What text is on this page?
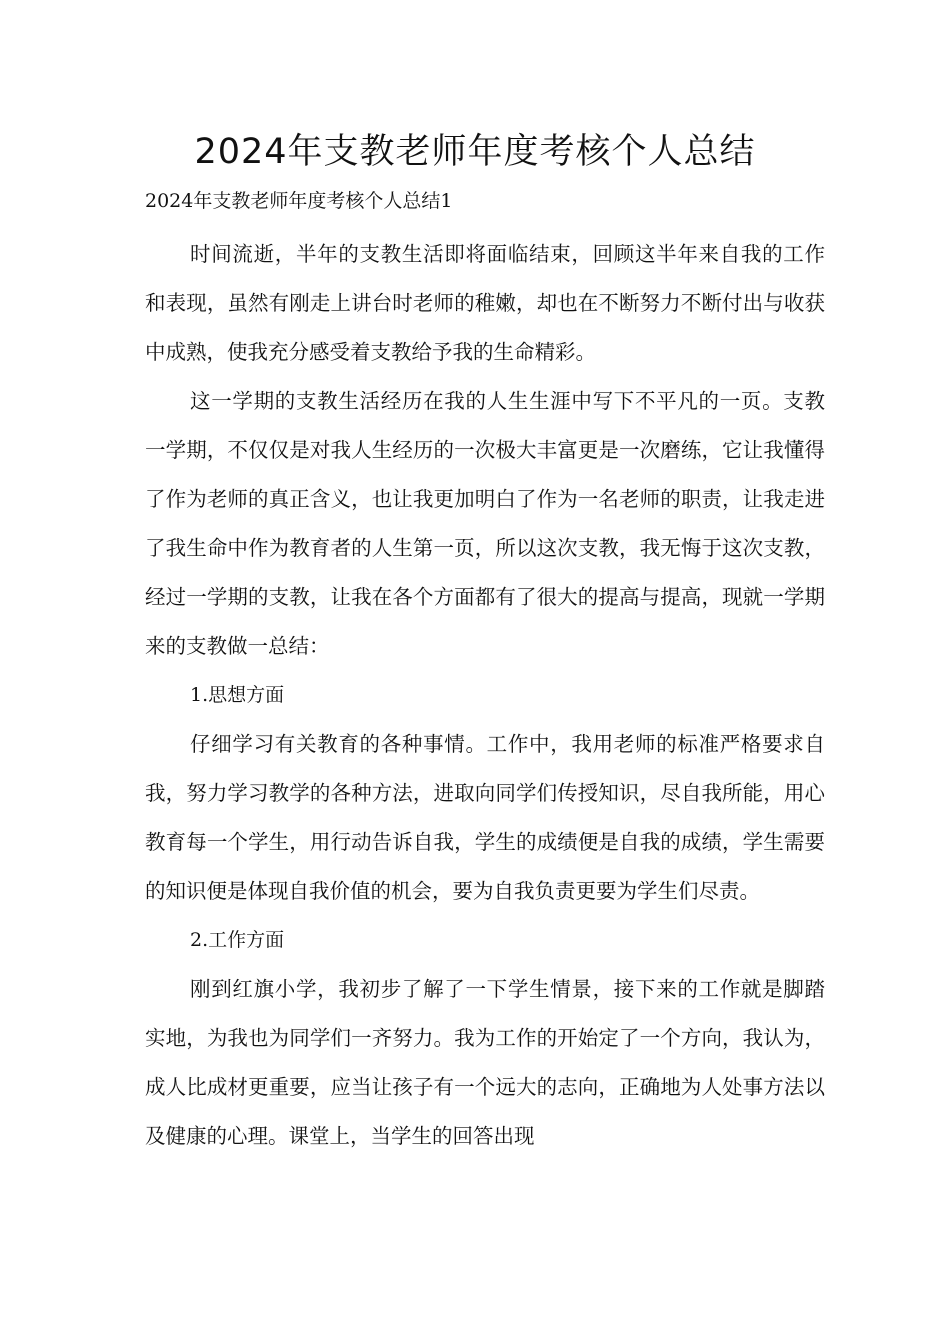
2024年支教老师年度考核个人总结

2024年支教老师年度考核个人总结1

时间流逝，半年的支教生活即将面临结束，回顾这半年来自我的工作和表现，虽然有刚走上讲台时老师的稚嫩，却也在不断努力不断付出与收获中成熟，使我充分感受着支教给予我的生命精彩。

这一学期的支教生活经历在我的人生生涯中写下不平凡的一页。支教一学期，不仅仅是对我人生经历的一次极大丰富更是一次磨练，它让我懂得了作为老师的真正含义，也让我更加明白了作为一名老师的职责，让我走进了我生命中作为教育者的人生第一页，所以这次支教，我无悔于这次支教，经过一学期的支教，让我在各个方面都有了很大的提高与提高，现就一学期来的支教做一总结：

1.思想方面

仔细学习有关教育的各种事情。工作中，我用老师的标准严格要求自我，努力学习教学的各种方法，进取向同学们传授知识，尽自我所能，用心教育每一个学生，用行动告诉自我，学生的成绩便是自我的成绩，学生需要的知识便是体现自我价值的机会，要为自我负责更要为学生们尽责。

2.工作方面

刚到红旗小学，我初步了解了一下学生情景，接下来的工作就是脚踏实地，为我也为同学们一齐努力。我为工作的开始定了一个方向，我认为，成人比成材更重要，应当让孩子有一个远大的志向，正确地为人处事方法以及健康的心理。课堂上，当学生的回答出现
